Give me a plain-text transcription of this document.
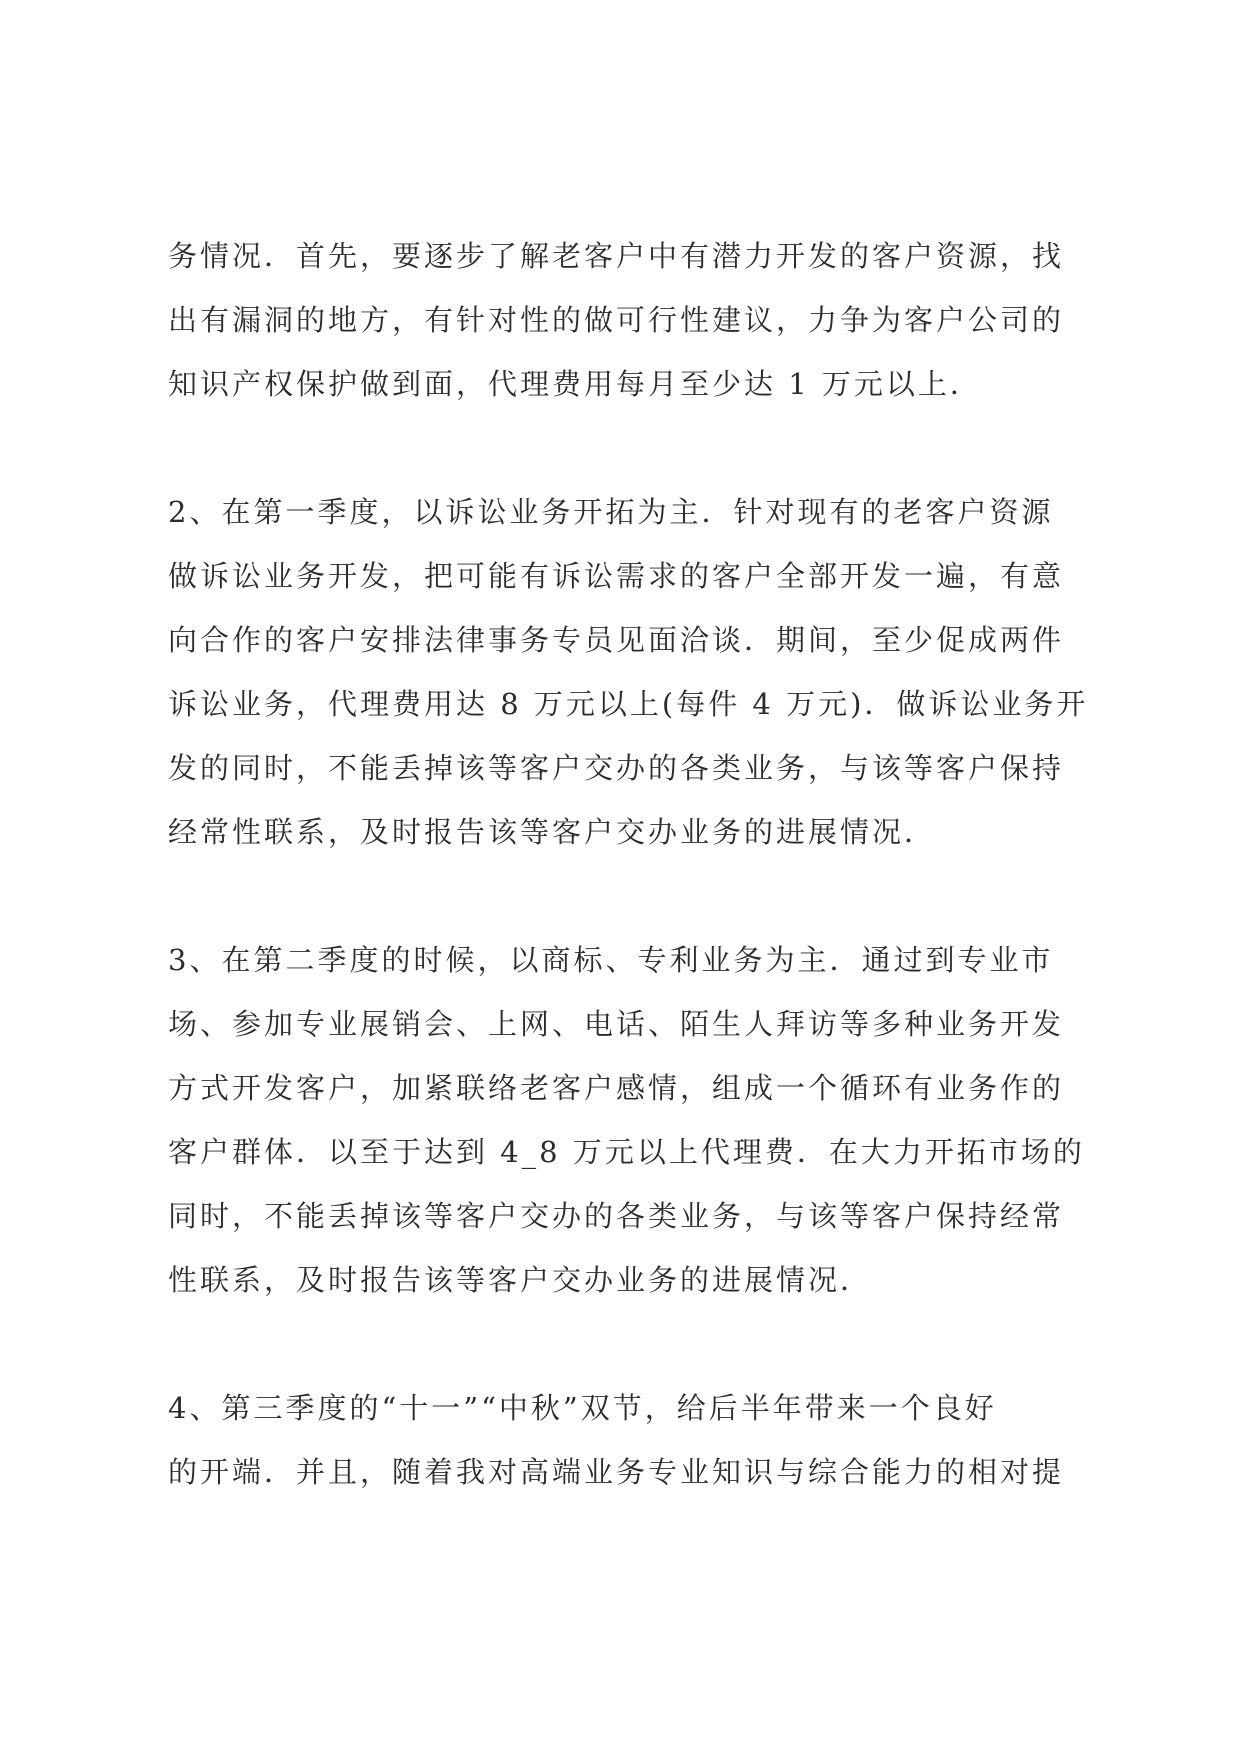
务情况．首先，要逐步了解老客户中有潜力开发的客户资源，找
出有漏洞的地方，有针对性的做可行性建议，力争为客户公司的
知识产权保护做到面，代理费用每月至少达 1 万元以上．
2、在第一季度，以诉讼业务开拓为主．针对现有的老客户资源
做诉讼业务开发，把可能有诉讼需求的客户全部开发一遍，有意
向合作的客户安排法律事务专员见面洽谈．期间，至少促成两件
诉讼业务，代理费用达 8 万元以上(每件 4 万元)．做诉讼业务开
发的同时，不能丢掉该等客户交办的各类业务，与该等客户保持
经常性联系，及时报告该等客户交办业务的进展情况．
3、在第二季度的时候，以商标、专利业务为主．通过到专业市
场、参加专业展销会、上网、电话、陌生人拜访等多种业务开发
方式开发客户，加紧联络老客户感情，组成一个循环有业务作的
客户群体．以至于达到 4_8 万元以上代理费．在大力开拓市场的
同时，不能丢掉该等客户交办的各类业务，与该等客户保持经常
性联系，及时报告该等客户交办业务的进展情况．
4、第三季度的“十一”“中秋”双节，给后半年带来一个良好
的开端．并且，随着我对高端业务专业知识与综合能力的相对提
